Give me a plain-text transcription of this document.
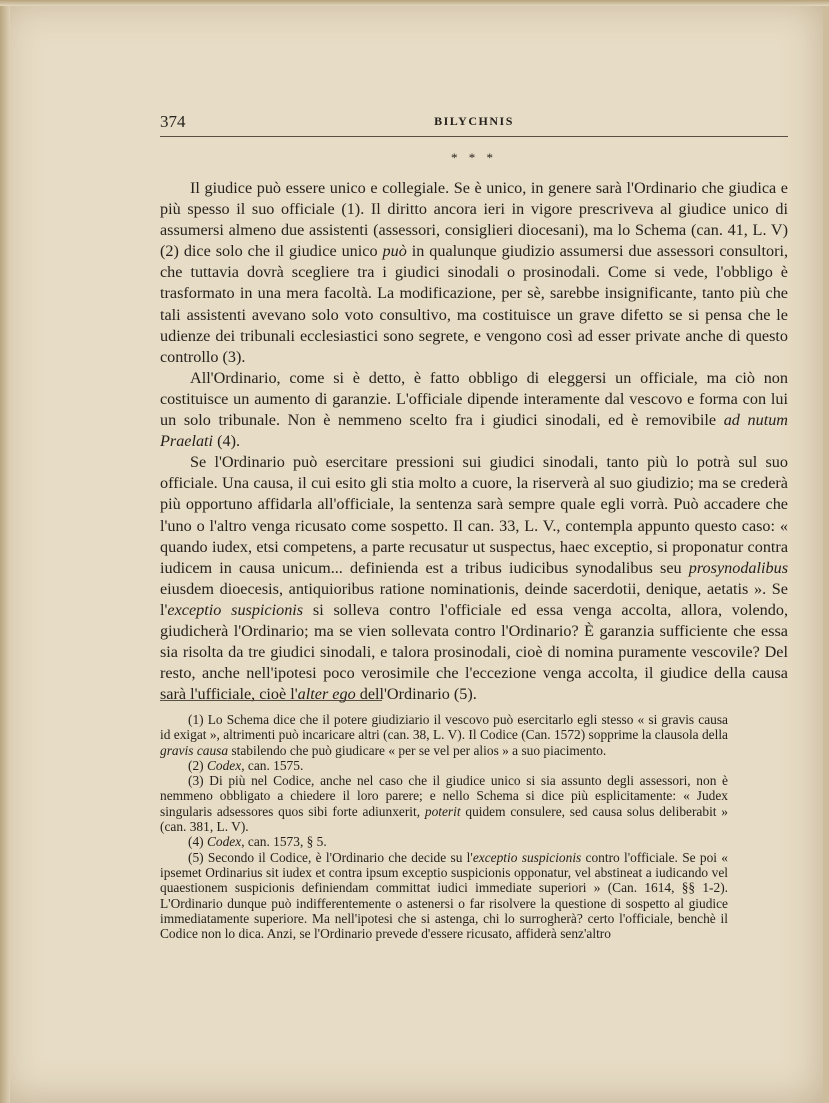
374	BILYCHNIS
* * *

Il giudice può essere unico e collegiale. Se è unico, in genere sarà l'Ordinario che giudica e più spesso il suo officiale (1). Il diritto ancora ieri in vigore prescriveva al giudice unico di assumersi almeno due assistenti (assessori, consiglieri diocesani), ma lo Schema (can. 41, L. V) (2) dice solo che il giudice unico può in qualunque giudizio assumersi due assessori consultori, che tuttavia dovrà scegliere tra i giudici sinodali o prosinodali. Come si vede, l'obbligo è trasformato in una mera facoltà. La modificazione, per sè, sarebbe insignificante, tanto più che tali assistenti avevano solo voto consultivo, ma costituisce un grave difetto se si pensa che le udienze dei tribunali ecclesiastici sono segrete, e vengono così ad esser private anche di questo controllo (3).

All'Ordinario, come si è detto, è fatto obbligo di eleggersi un officiale, ma ciò non costituisce un aumento di garanzie. L'officiale dipende interamente dal vescovo e forma con lui un solo tribunale. Non è nemmeno scelto fra i giudici sinodali, ed è removibile ad nutum Praelati (4).

Se l'Ordinario può esercitare pressioni sui giudici sinodali, tanto più lo potrà sul suo officiale. Una causa, il cui esito gli stia molto a cuore, la riserverà al suo giudizio; ma se crederà più opportuno affidarla all'officiale, la sentenza sarà sempre quale egli vorrà. Può accadere che l'uno o l'altro venga ricusato come sospetto. Il can. 33, L. V., contempla appunto questo caso: « quando iudex, etsi competens, a parte recusatur ut suspectus, haec exceptio, si proponatur contra iudicem in causa unicum... definienda est a tribus iudicibus synodalibus seu prosynodalibus eiusdem dioecesis, antiquioribus ratione nominationis, deinde sacerdotii, denique, aetatis ». Se l'exceptio suspicionis si solleva contro l'officiale ed essa venga accolta, allora, volendo, giudicherà l'Ordinario; ma se vien sollevata contro l'Ordinario? È garanzia sufficiente che essa sia risolta da tre giudici sinodali, e talora prosinodali, cioè di nomina puramente vescovile? Del resto, anche nell'ipotesi poco verosimile che l'eccezione venga accolta, il giudice della causa sarà l'ufficiale, cioè l'alter ego dell'Ordinario (5).

(1) Lo Schema dice che il potere giudiziario il vescovo può esercitarlo egli stesso « si gravis causa id exigat », altrimenti può incaricare altri (can. 38, L. V). Il Codice (Can. 1572) sopprime la clausola della gravis causa stabilendo che può giudicare « per se vel per alios » a suo piacimento.

(2) Codex, can. 1575.

(3) Di più nel Codice, anche nel caso che il giudice unico si sia assunto degli assessori, non è nemmeno obbligato a chiedere il loro parere; e nello Schema si dice più esplicitamente: « Judex singularis adsessores quos sibi forte adiunxerit, poterit quidem consulere, sed causa solus deliberabit » (can. 381, L. V).

(4) Codex, can. 1573, § 5.

(5) Secondo il Codice, è l'Ordinario che decide su l'exceptio suspicionis contro l'officiale. Se poi « ipsemet Ordinarius sit iudex et contra ipsum exceptio suspicionis opponatur, vel abstineat a iudicando vel quaestionem suspicionis definiendam committat iudici immediate superiori » (Can. 1614, §§ 1-2). L'Ordinario dunque può indifferentemente o astenersi o far risolvere la questione di sospetto al giudice immediatamente superiore. Ma nell'ipotesi che si astenga, chi lo surrogherà? certo l'officiale, benchè il Codice non lo dica. Anzi, se l'Ordinario prevede d'essere ricusato, affiderà senz'altro
